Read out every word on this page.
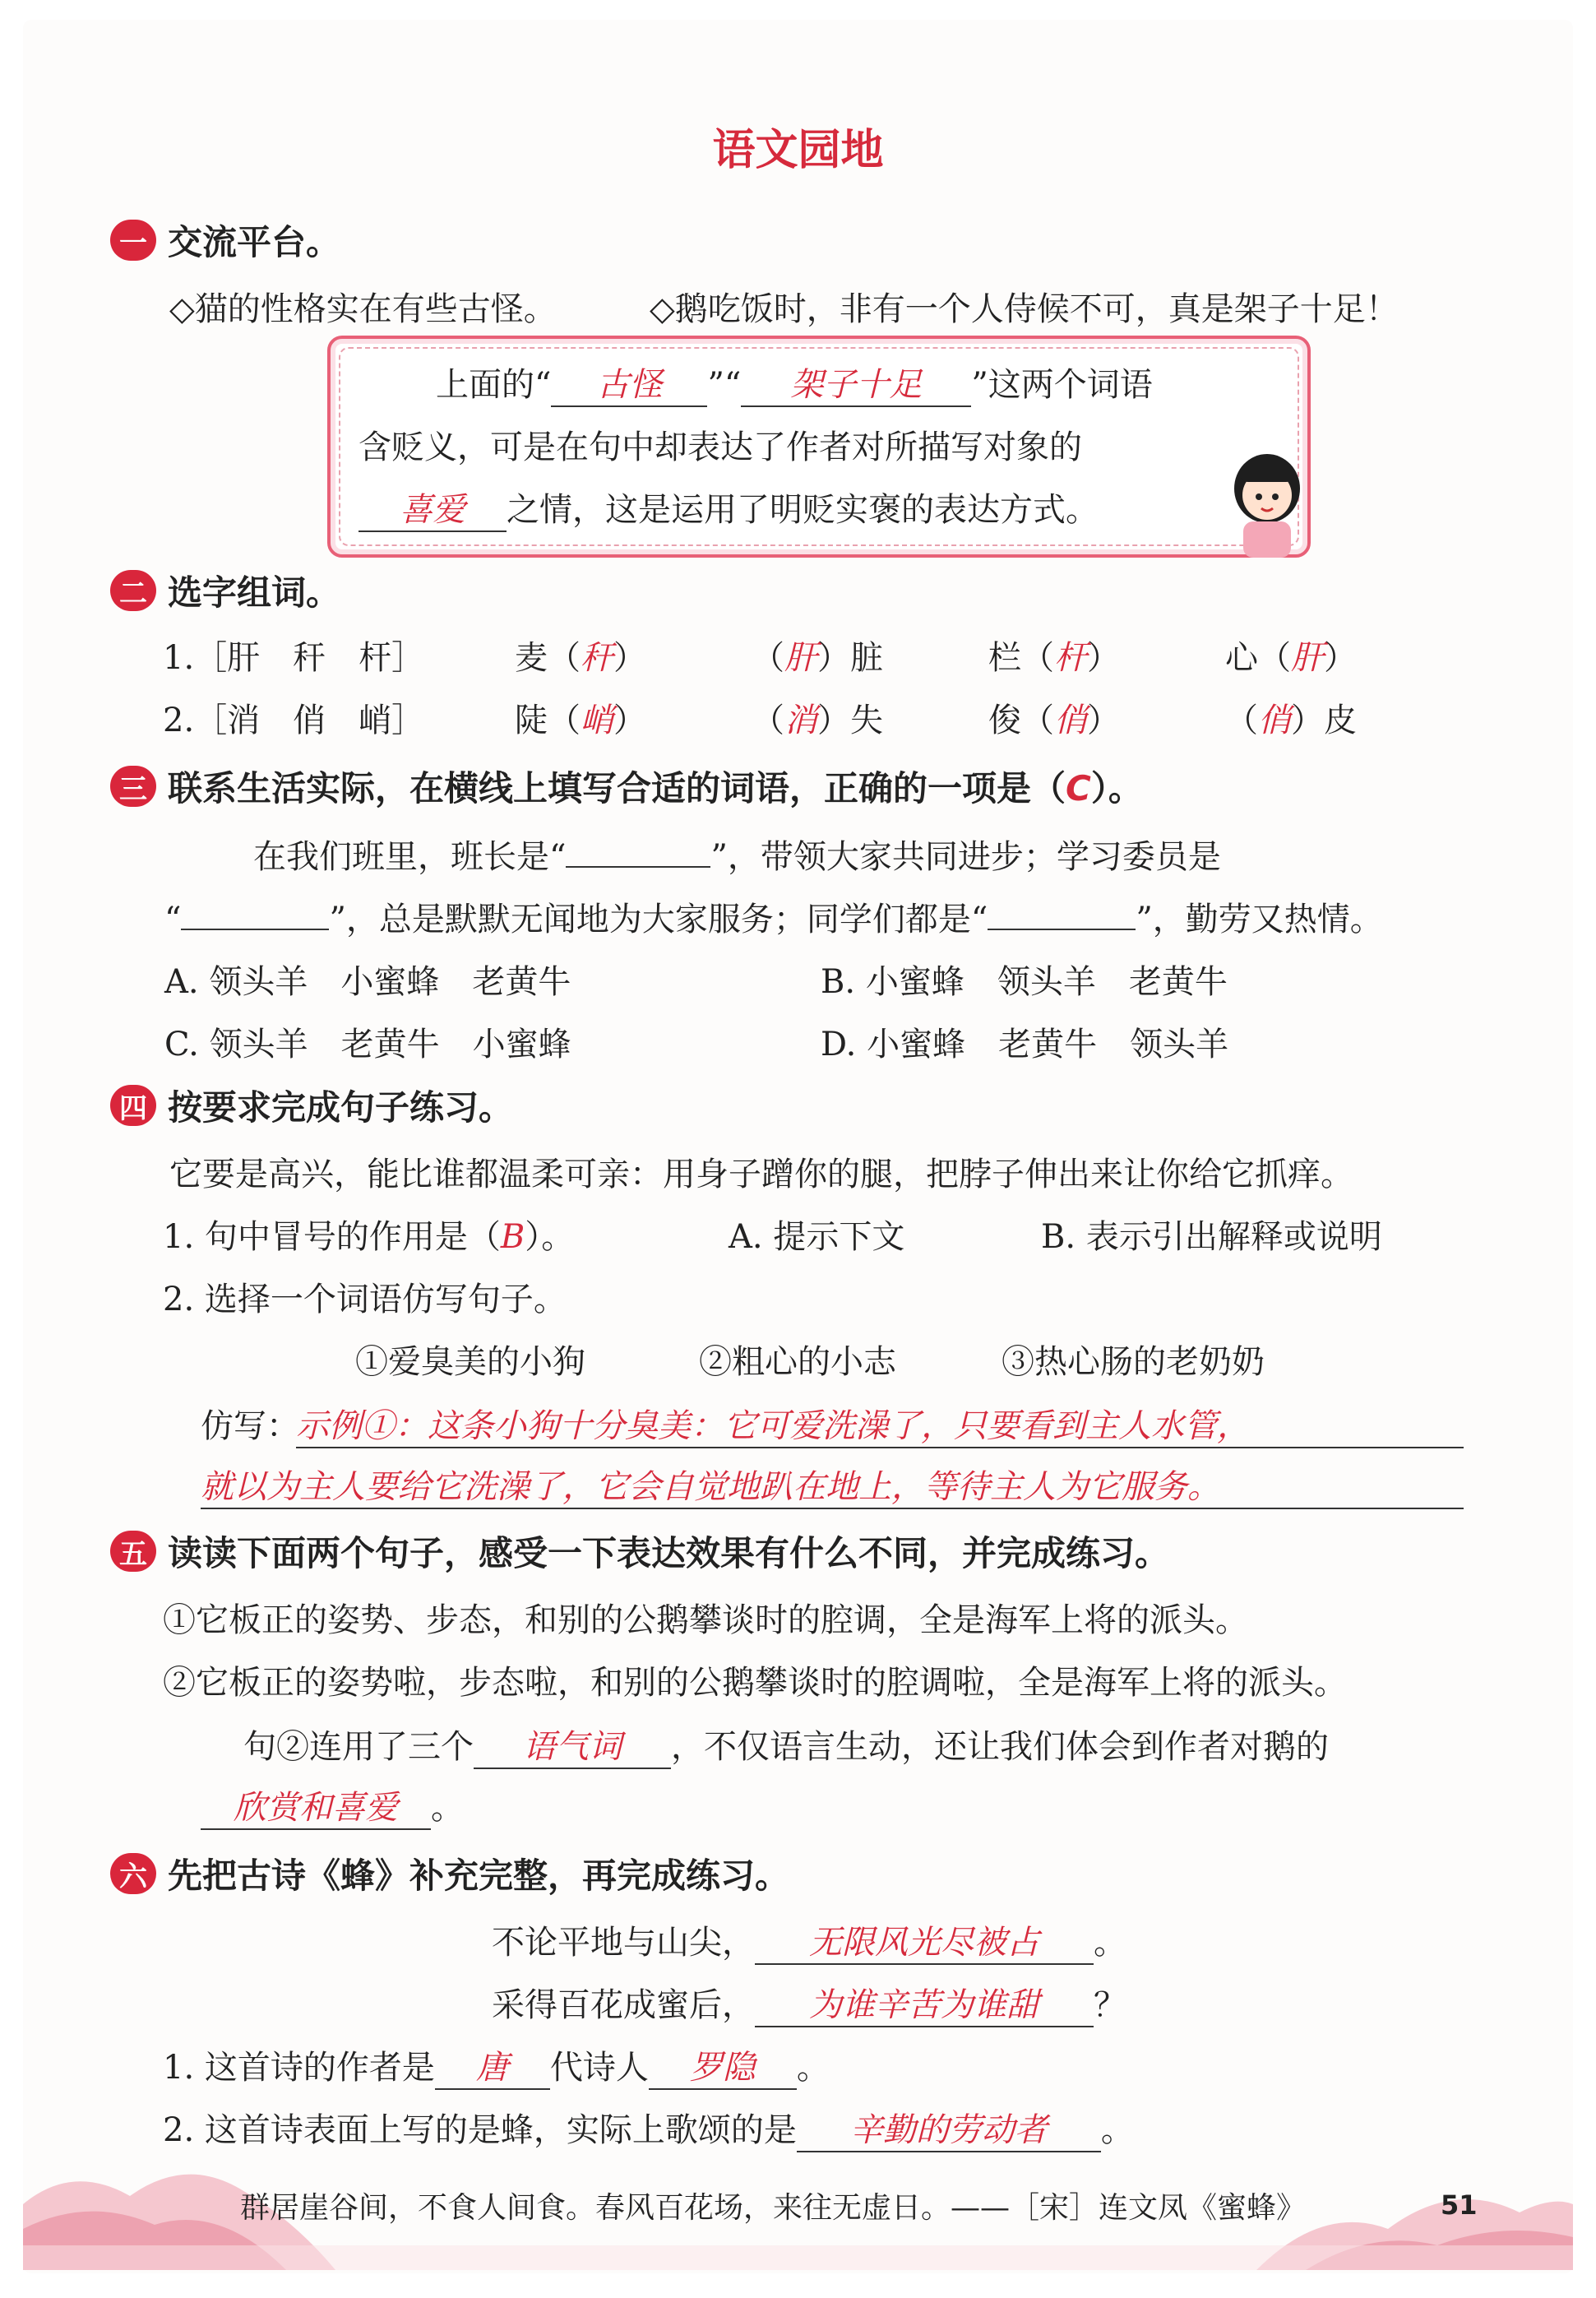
语文园地
一 交流平台。
◇猫的性格实在有些古怪。	◇鹅吃饭时，非有一个人侍候不可，真是架子十足！
上面的“ 古怪 ”“ 架子十足 ”这两个词语
含贬义，可是在句中却表达了作者对所描写对象的
喜爱 之情，这是运用了明贬实褒的表达方式。
二 选字组词。
1.［肝　秆　杆］	麦（秆）	（肝）脏	栏（杆）	心（肝）
2.［消　俏　峭］	陡（峭）	（消）失	俊（俏）	（俏）皮
三 联系生活实际，在横线上填写合适的词语，正确的一项是（C）。
在我们班里，班长是“	”，带领大家共同进步；学习委员是
“	”，总是默默无闻地为大家服务；同学们都是“	”，勤劳又热情。
A. 领头羊　小蜜蜂　老黄牛	B. 小蜜蜂　领头羊　老黄牛
C. 领头羊　老黄牛　小蜜蜂	D. 小蜜蜂　老黄牛　领头羊
四 按要求完成句子练习。
它要是高兴，能比谁都温柔可亲：用身子蹭你的腿，把脖子伸出来让你给它抓痒。
1. 句中冒号的作用是（B）。	A. 提示下文	B. 表示引出解释或说明
2. 选择一个词语仿写句子。
①爱臭美的小狗	②粗心的小志	③热心肠的老奶奶
仿写：
示例①：这条小狗十分臭美：它可爱洗澡了，只要看到主人水管，
就以为主人要给它洗澡了，它会自觉地趴在地上，等待主人为它服务。
五 读读下面两个句子，感受一下表达效果有什么不同，并完成练习。
①它板正的姿势、步态，和别的公鹅攀谈时的腔调，全是海军上将的派头。
②它板正的姿势啦，步态啦，和别的公鹅攀谈时的腔调啦，全是海军上将的派头。
句②连用了三个 语气词 ，不仅语言生动，还让我们体会到作者对鹅的
欣赏和喜爱 。
六 先把古诗《蜂》补充完整，再完成练习。
不论平地与山尖， 无限风光尽被占 。
采得百花成蜜后， 为谁辛苦为谁甜 ？
1. 这首诗的作者是 唐 代诗人 罗隐 。
2. 这首诗表面上写的是蜂，实际上歌颂的是 辛勤的劳动者 。
群居崖谷间，不食人间食。春风百花场，来往无虚日。——［宋］连文凤《蜜蜂》	51
